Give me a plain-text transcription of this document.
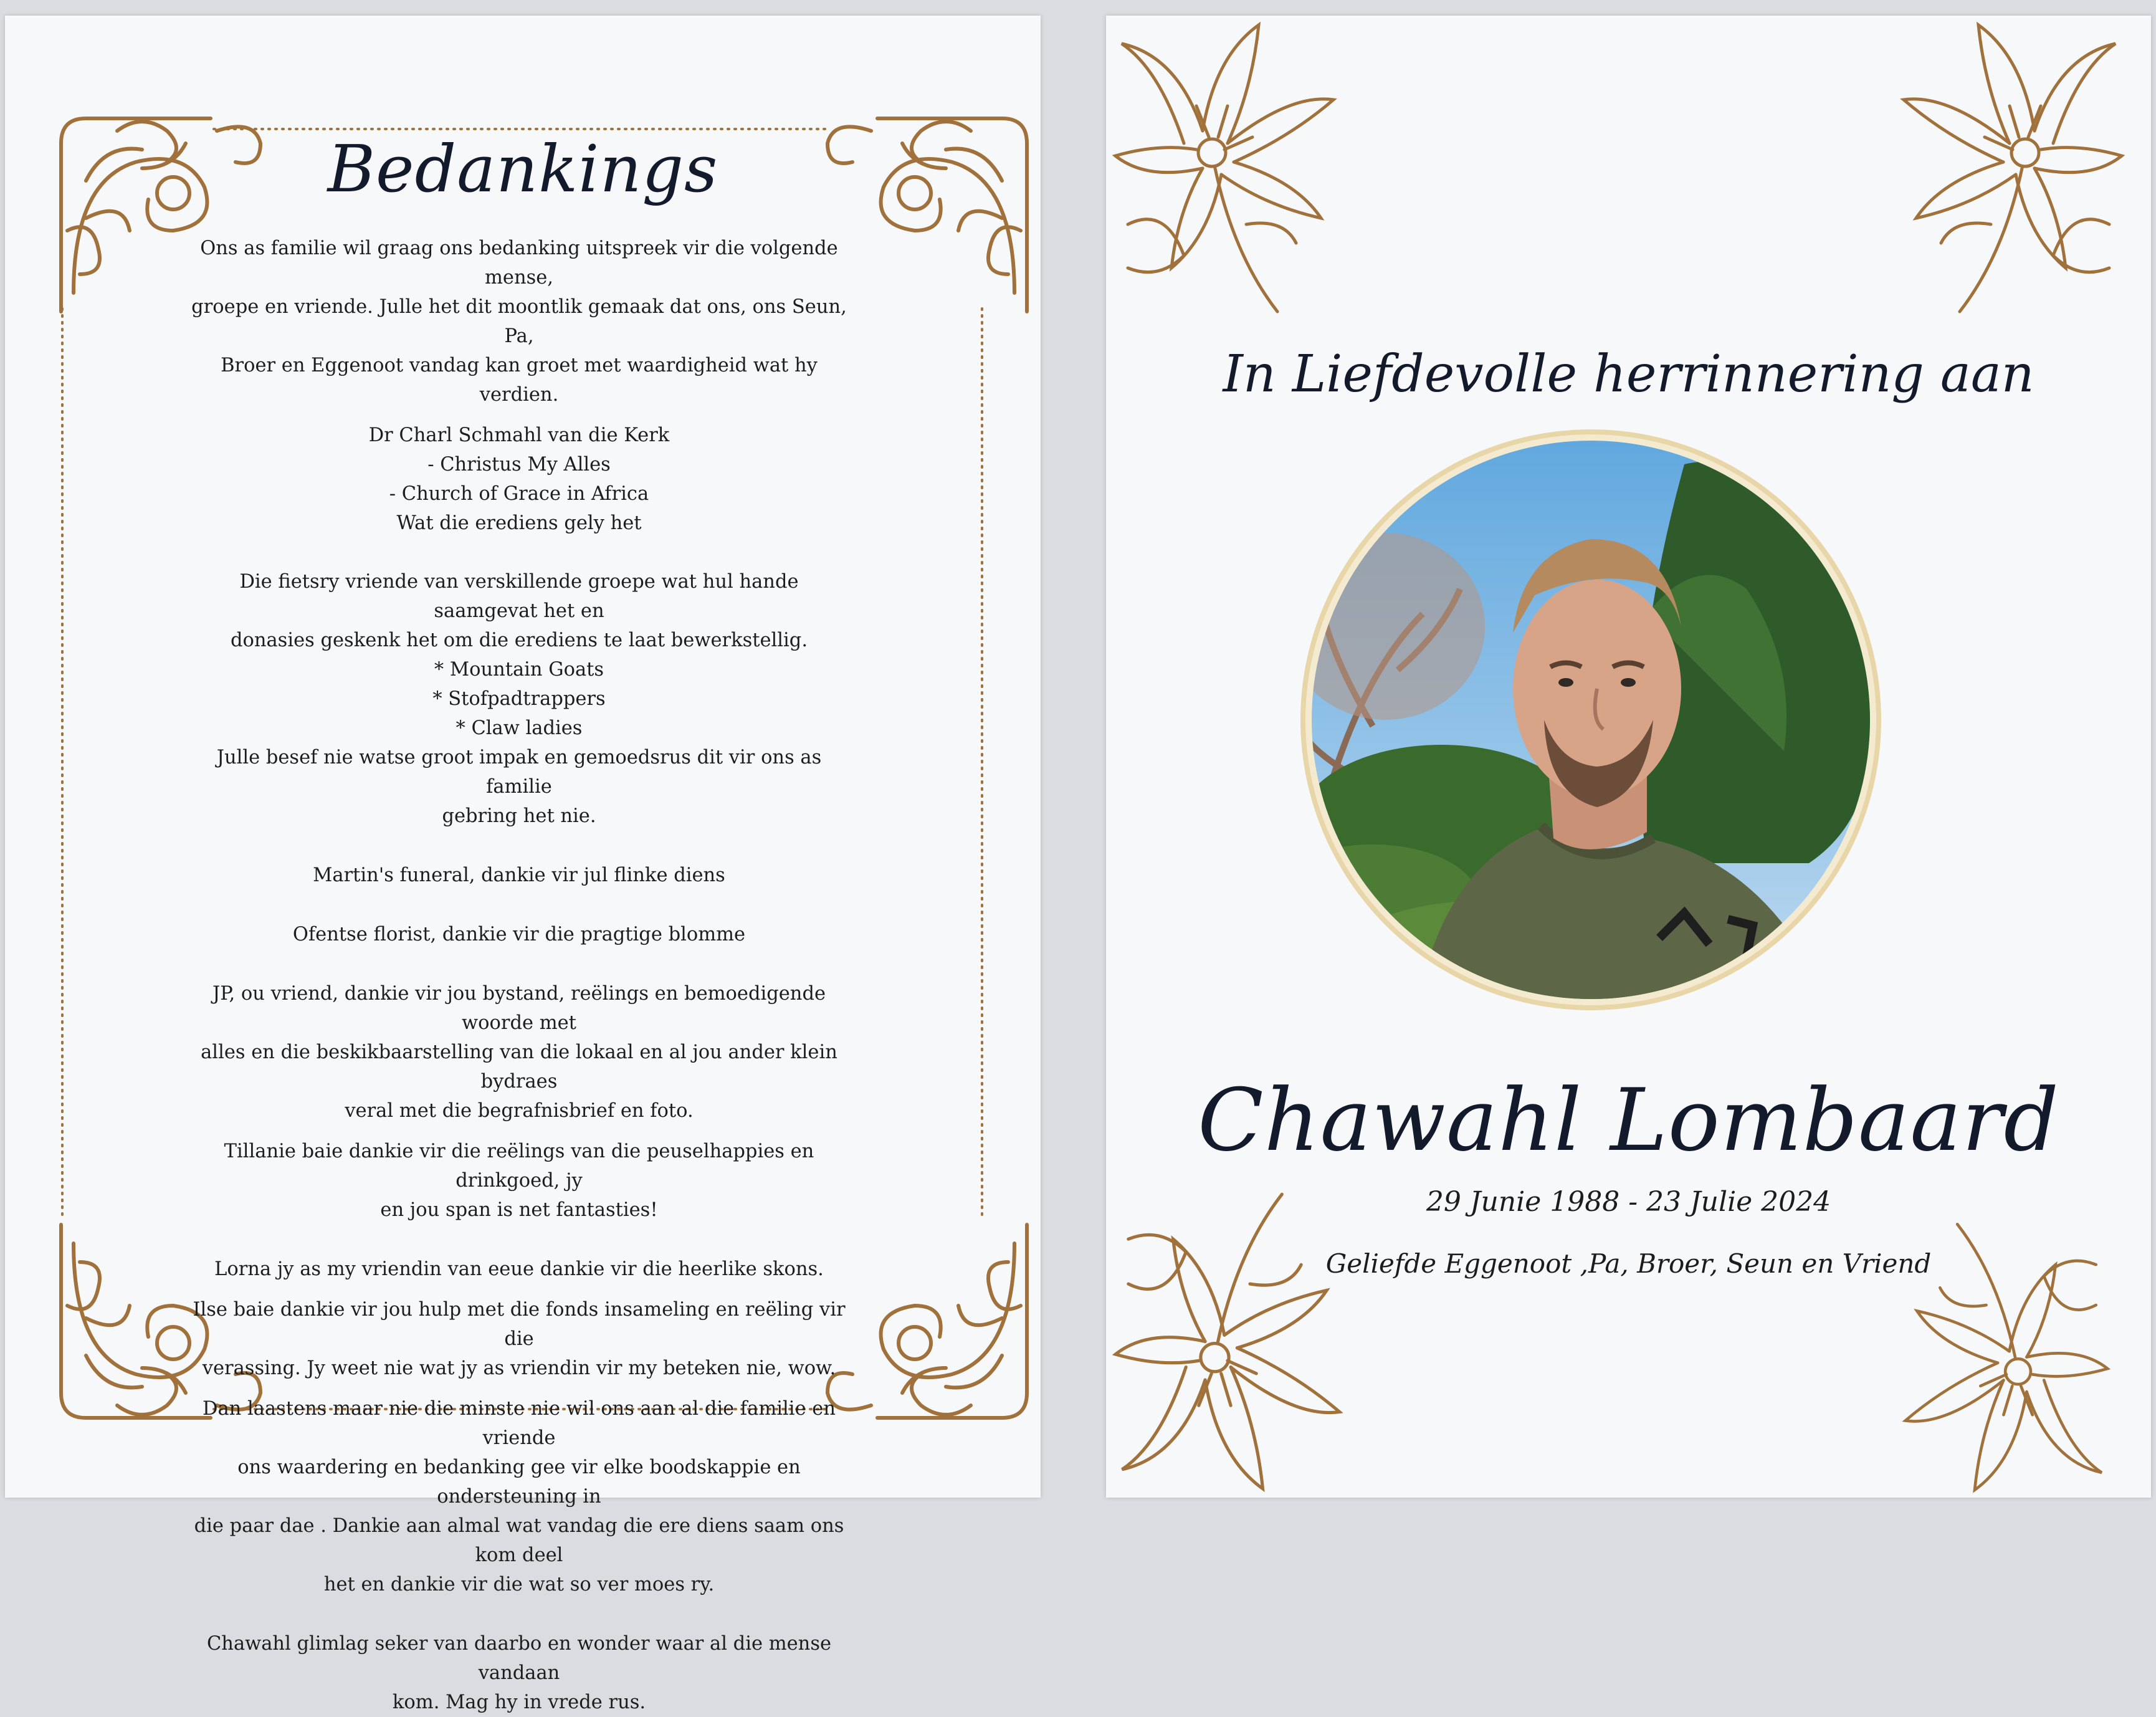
Bedankings

Ons as familie wil graag ons bedanking uitspreek vir die volgende mense,

groepe en vriende. Julle het dit moontlik gemaak dat ons, ons Seun, Pa,

Broer en Eggenoot vandag kan groet met waardigheid wat hy verdien.

Dr Charl Schmahl van die Kerk

- Christus My Alles

- Church of Grace in Africa

Wat die erediens gely het

Die fietsry vriende van verskillende groepe wat hul hande saamgevat het en

donasies geskenk het om die erediens te laat bewerkstellig.

* Mountain Goats

* Stofpadtrappers

* Claw ladies

Julle besef nie watse groot impak en gemoedsrus dit vir ons as familie

gebring het nie.

Martin's funeral, dankie vir jul flinke diens

Ofentse florist, dankie vir die pragtige blomme

JP, ou vriend, dankie vir jou bystand, reëlings en bemoedigende woorde met

alles en die beskikbaarstelling van die lokaal en al jou ander klein bydraes

veral met die begrafnisbrief en foto.

Tillanie baie dankie vir die reëlings van die peuselhappies en drinkgoed, jy

en jou span is net fantasties!

Lorna jy as my vriendin van eeue dankie vir die heerlike skons.

Ilse baie dankie vir jou hulp met die fonds insameling en reëling vir die

verassing. Jy weet nie wat jy as vriendin vir my beteken nie, wow.

Dan laastens maar nie die minste nie wil ons aan al die familie en vriende

ons waardering en bedanking gee vir elke boodskappie en ondersteuning in

die paar dae . Dankie aan almal wat vandag die ere diens saam ons kom deel

het en dankie vir die wat so ver moes ry.

Chawahl glimlag seker van daarbo en wonder waar al die mense vandaan

kom. Mag hy in vrede rus.

In Liefdevolle herrinnering aan
Chawahl Lombaard
29 Junie 1988 - 23 Julie 2024
Geliefde Eggenoot ,Pa, Broer, Seun en Vriend
